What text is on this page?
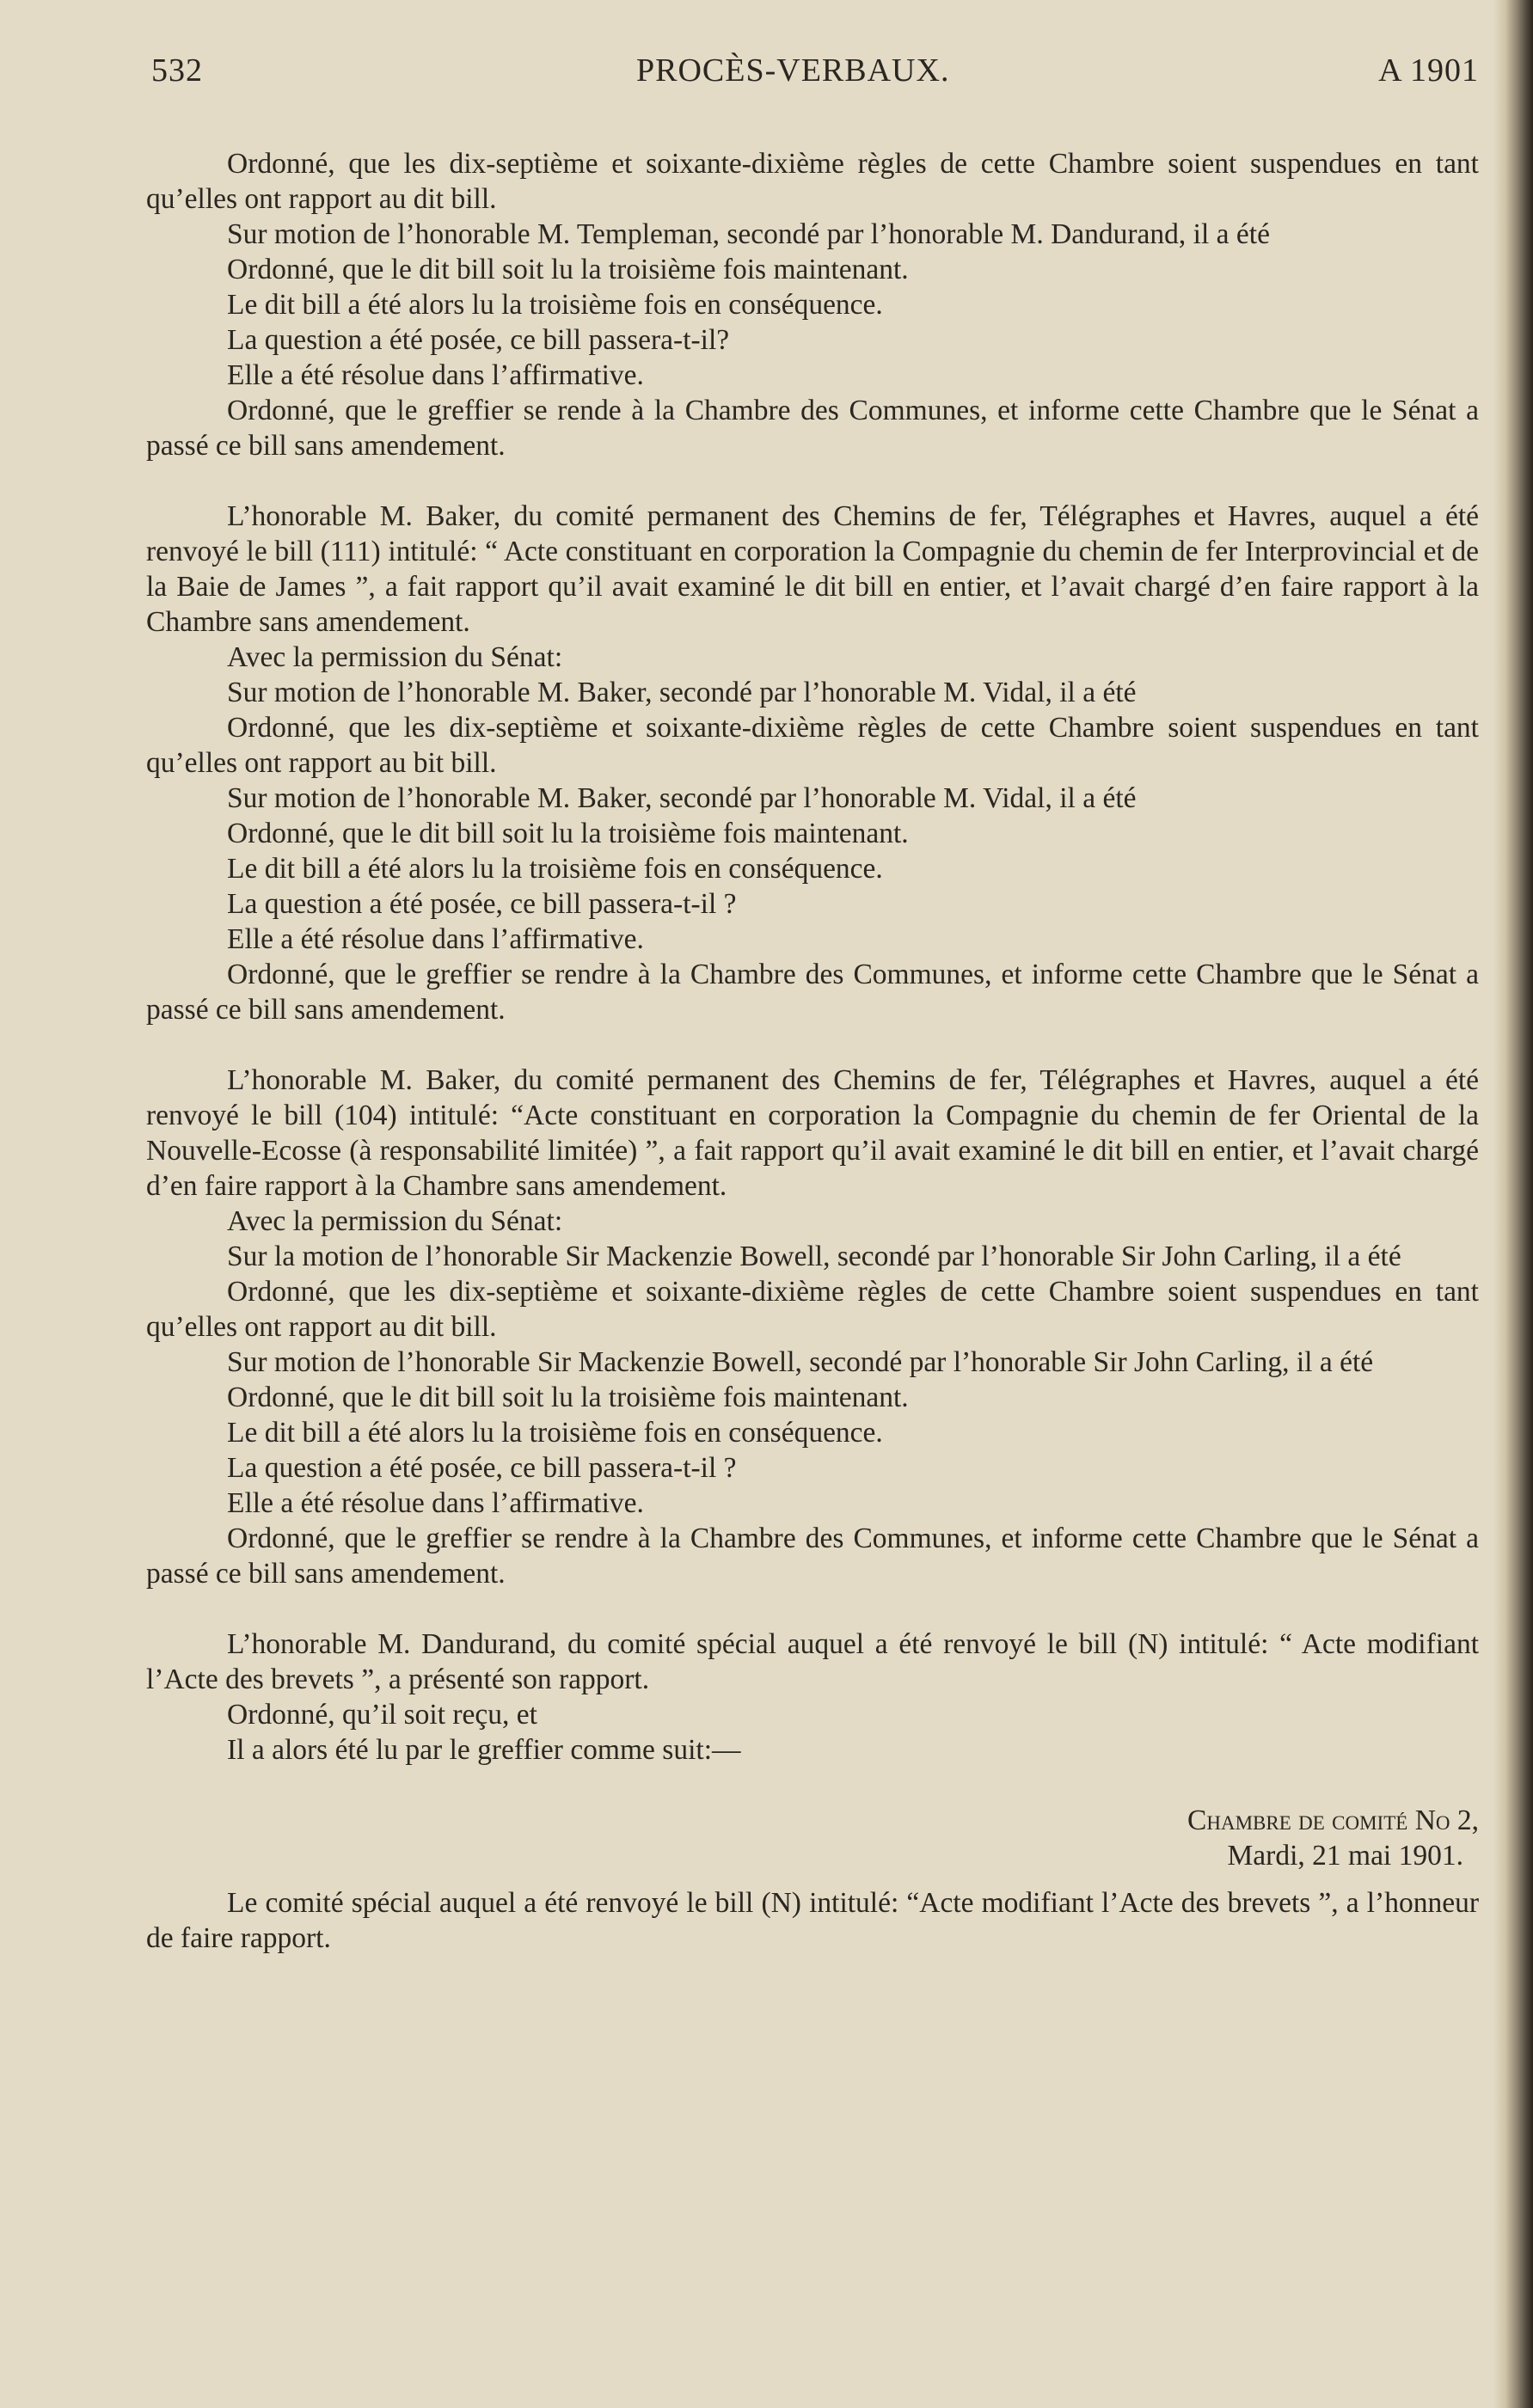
532	PROCÈS-VERBAUX.	A 1901

Ordonné, que les dix-septième et soixante-dixième règles de cette Chambre soient suspendues en tant qu’elles ont rapport au dit bill.

Sur motion de l’honorable M. Templeman, secondé par l’honorable M. Dandurand, il a été

Ordonné, que le dit bill soit lu la troisième fois maintenant.

Le dit bill a été alors lu la troisième fois en conséquence.

La question a été posée, ce bill passera-t-il?

Elle a été résolue dans l’affirmative.

Ordonné, que le greffier se rende à la Chambre des Communes, et informe cette Chambre que le Sénat a passé ce bill sans amendement.

L’honorable M. Baker, du comité permanent des Chemins de fer, Télégraphes et Havres, auquel a été renvoyé le bill (111) intitulé: “ Acte constituant en corporation la Compagnie du chemin de fer Interprovincial et de la Baie de James ”, a fait rapport qu’il avait examiné le dit bill en entier, et l’avait chargé d’en faire rapport à la Chambre sans amendement.

Avec la permission du Sénat:

Sur motion de l’honorable M. Baker, secondé par l’honorable M. Vidal, il a été

Ordonné, que les dix-septième et soixante-dixième règles de cette Chambre soient suspendues en tant qu’elles ont rapport au bit bill.

Sur motion de l’honorable M. Baker, secondé par l’honorable M. Vidal, il a été

Ordonné, que le dit bill soit lu la troisième fois maintenant.

Le dit bill a été alors lu la troisième fois en conséquence.

La question a été posée, ce bill passera-t-il ?

Elle a été résolue dans l’affirmative.

Ordonné, que le greffier se rendre à la Chambre des Communes, et informe cette Chambre que le Sénat a passé ce bill sans amendement.

L’honorable M. Baker, du comité permanent des Chemins de fer, Télégraphes et Havres, auquel a été renvoyé le bill (104) intitulé: “Acte constituant en corporation la Compagnie du chemin de fer Oriental de la Nouvelle-Ecosse (à responsabilité limitée) ”, a fait rapport qu’il avait examiné le dit bill en entier, et l’avait chargé d’en faire rapport à la Chambre sans amendement.

Avec la permission du Sénat:

Sur la motion de l’honorable Sir Mackenzie Bowell, secondé par l’honorable Sir John Carling, il a été

Ordonné, que les dix-septième et soixante-dixième règles de cette Chambre soient suspendues en tant qu’elles ont rapport au dit bill.

Sur motion de l’honorable Sir Mackenzie Bowell, secondé par l’honorable Sir John Carling, il a été

Ordonné, que le dit bill soit lu la troisième fois maintenant.

Le dit bill a été alors lu la troisième fois en conséquence.

La question a été posée, ce bill passera-t-il ?

Elle a été résolue dans l’affirmative.

Ordonné, que le greffier se rendre à la Chambre des Communes, et informe cette Chambre que le Sénat a passé ce bill sans amendement.

L’honorable M. Dandurand, du comité spécial auquel a été renvoyé le bill (N) intitulé: “ Acte modifiant l’Acte des brevets ”, a présenté son rapport.

Ordonné, qu’il soit reçu, et

Il a alors été lu par le greffier comme suit:—

Chambre de comité No 2,

Mardi, 21 mai 1901.

Le comité spécial auquel a été renvoyé le bill (N) intitulé: “Acte modifiant l’Acte des brevets ”, a l’honneur de faire rapport.
